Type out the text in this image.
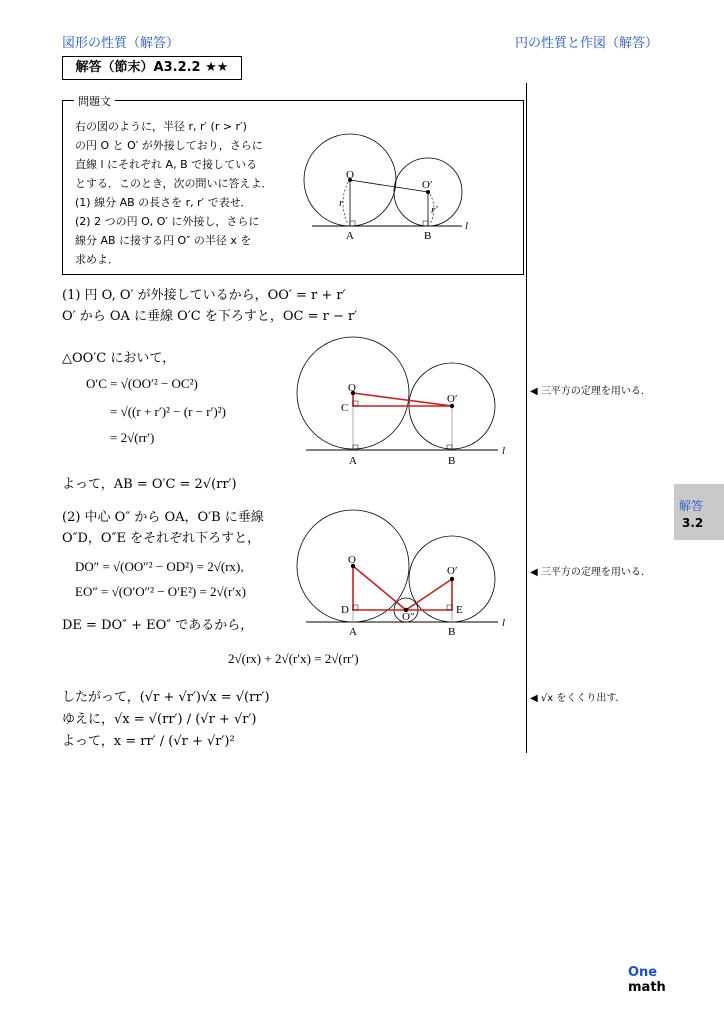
図形の性質（解答）	円の性質と作図（解答）
解答（節末）A3.2.2 ★★
問題文
右の図のように，半径 r, r′ (r > r′)
の円 O と O′ が外接しており，さらに
直線 l にそれぞれ A, B で接している
とする．このとき，次の問いに答えよ．
(1) 線分 AB の長さを r, r′ で表せ．
(2) 2 つの円 O, O′ に外接し，さらに
線分 AB に接する円 O″ の半径 x を
求めよ．
O
O′
r
r′
A	B
l
(1) 円 O, O′ が外接しているから，OO′ = r + r′
O′ から OA に垂線 O′C を下ろすと，OC = r − r′
△OO′C において，
O′C = √(OO′² − OC²)
= √((r + r′)² − (r − r′)²)
= 2√(rr′)
よって，AB = O′C = 2√(rr′)
◀ 三平方の定理を用いる．
O
O′
C
A	B
l
(2) 中心 O″ から OA，O′B に垂線
O″D，O″E をそれぞれ下ろすと，
DO″ = √(OO″² − OD²) = 2√(rx),
EO″ = √(O′O″² − O′E²) = 2√(r′x)
DE = DO″ + EO″ であるから，
2√(rx) + 2√(r′x) = 2√(rr′)
したがって，(√r + √r′)√x = √(rr′)
ゆえに，√x = √(rr′) / (√r + √r′)
よって，x = rr′ / (√r + √r′)²
◀ 三平方の定理を用いる．
◀ √x をくくり出す．
O
O′
O″
D	E
A	B
l
解答
3.2
One
math
